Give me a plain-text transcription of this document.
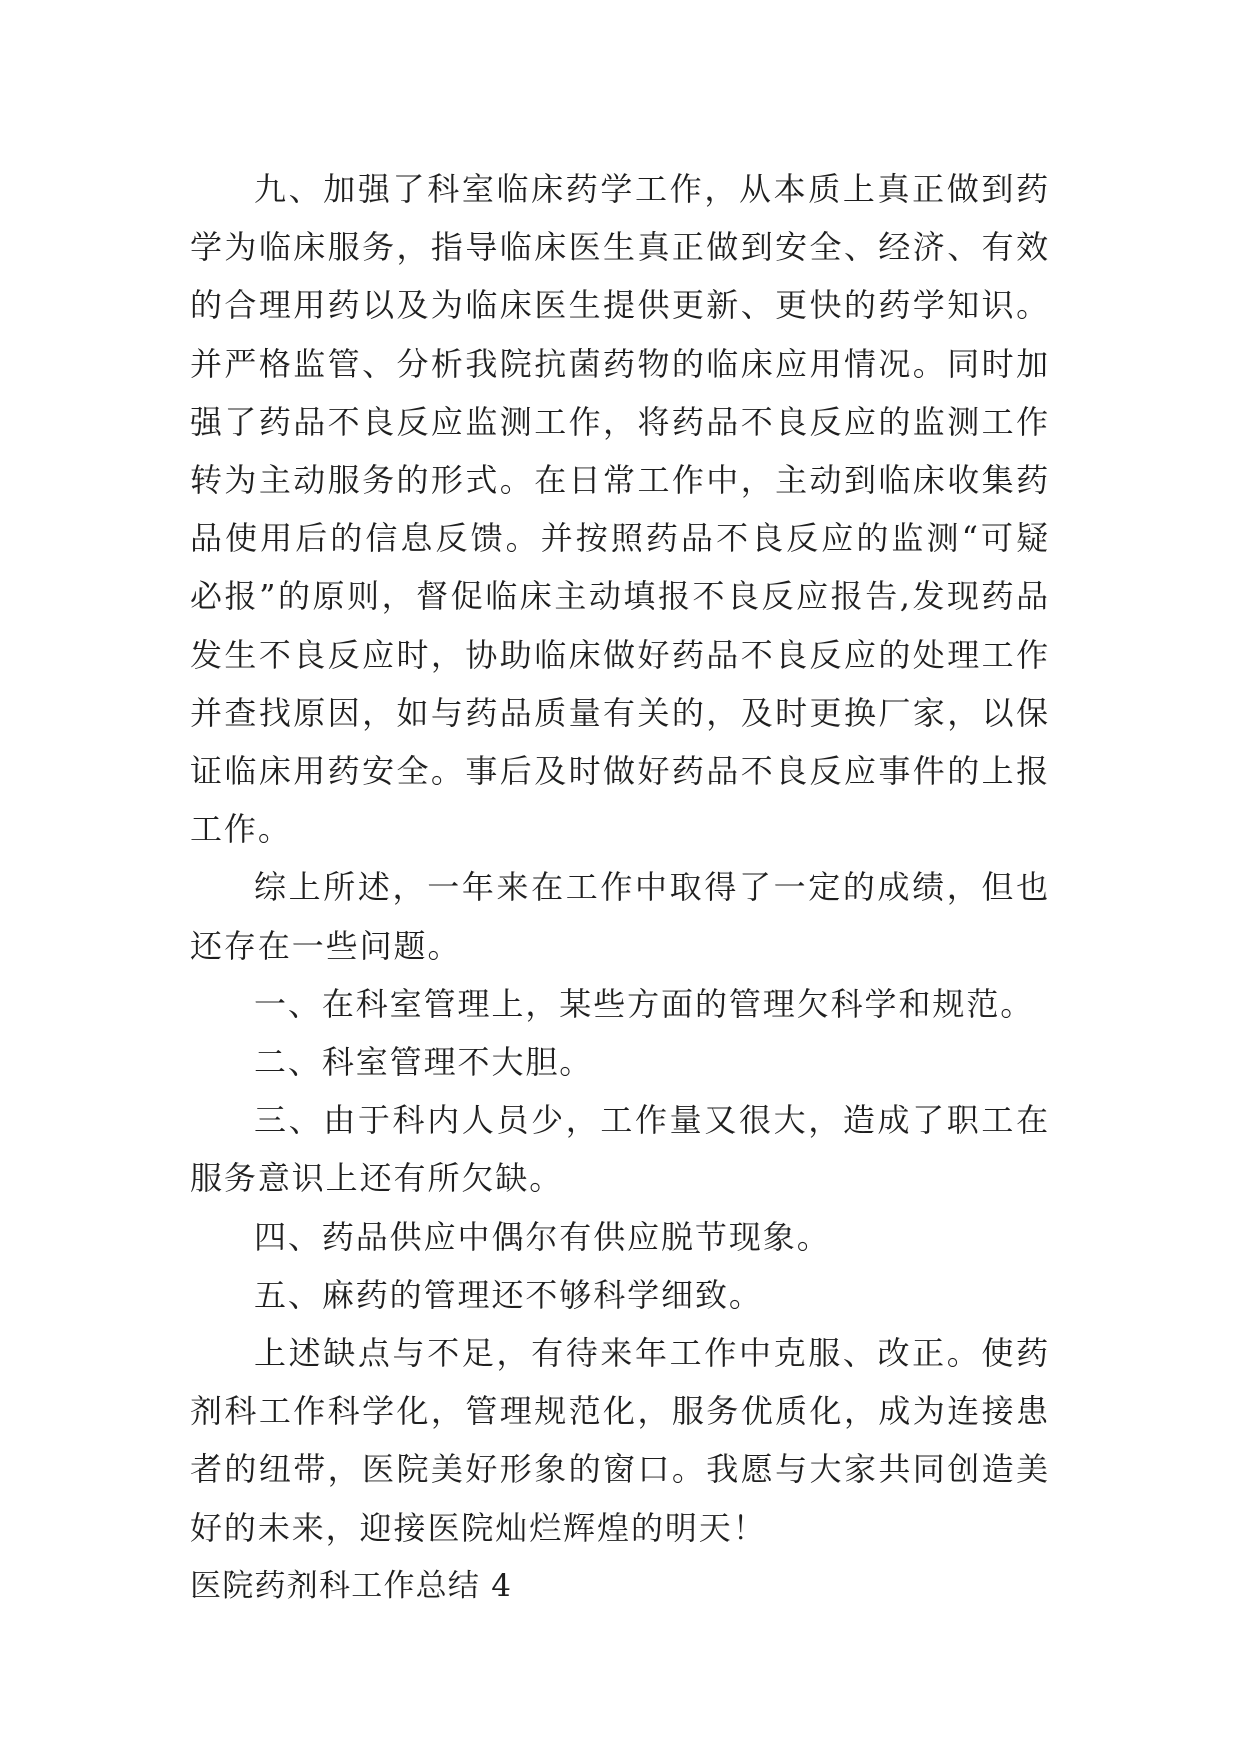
九、加强了科室临床药学工作，从本质上真正做到药学为临床服务，指导临床医生真正做到安全、经济、有效的合理用药以及为临床医生提供更新、更快的药学知识。并严格监管、分析我院抗菌药物的临床应用情况。同时加强了药品不良反应监测工作，将药品不良反应的监测工作转为主动服务的形式。在日常工作中，主动到临床收集药品使用后的信息反馈。并按照药品不良反应的监测“可疑必报”的原则，督促临床主动填报不良反应报告,发现药品发生不良反应时，协助临床做好药品不良反应的处理工作并查找原因，如与药品质量有关的，及时更换厂家，以保证临床用药安全。事后及时做好药品不良反应事件的上报工作。

综上所述，一年来在工作中取得了一定的成绩，但也还存在一些问题。

一、在科室管理上，某些方面的管理欠科学和规范。

二、科室管理不大胆。

三、由于科内人员少，工作量又很大，造成了职工在服务意识上还有所欠缺。

四、药品供应中偶尔有供应脱节现象。

五、麻药的管理还不够科学细致。

上述缺点与不足，有待来年工作中克服、改正。使药剂科工作科学化，管理规范化，服务优质化，成为连接患者的纽带，医院美好形象的窗口。我愿与大家共同创造美好的未来，迎接医院灿烂辉煌的明天！

医院药剂科工作总结 4
